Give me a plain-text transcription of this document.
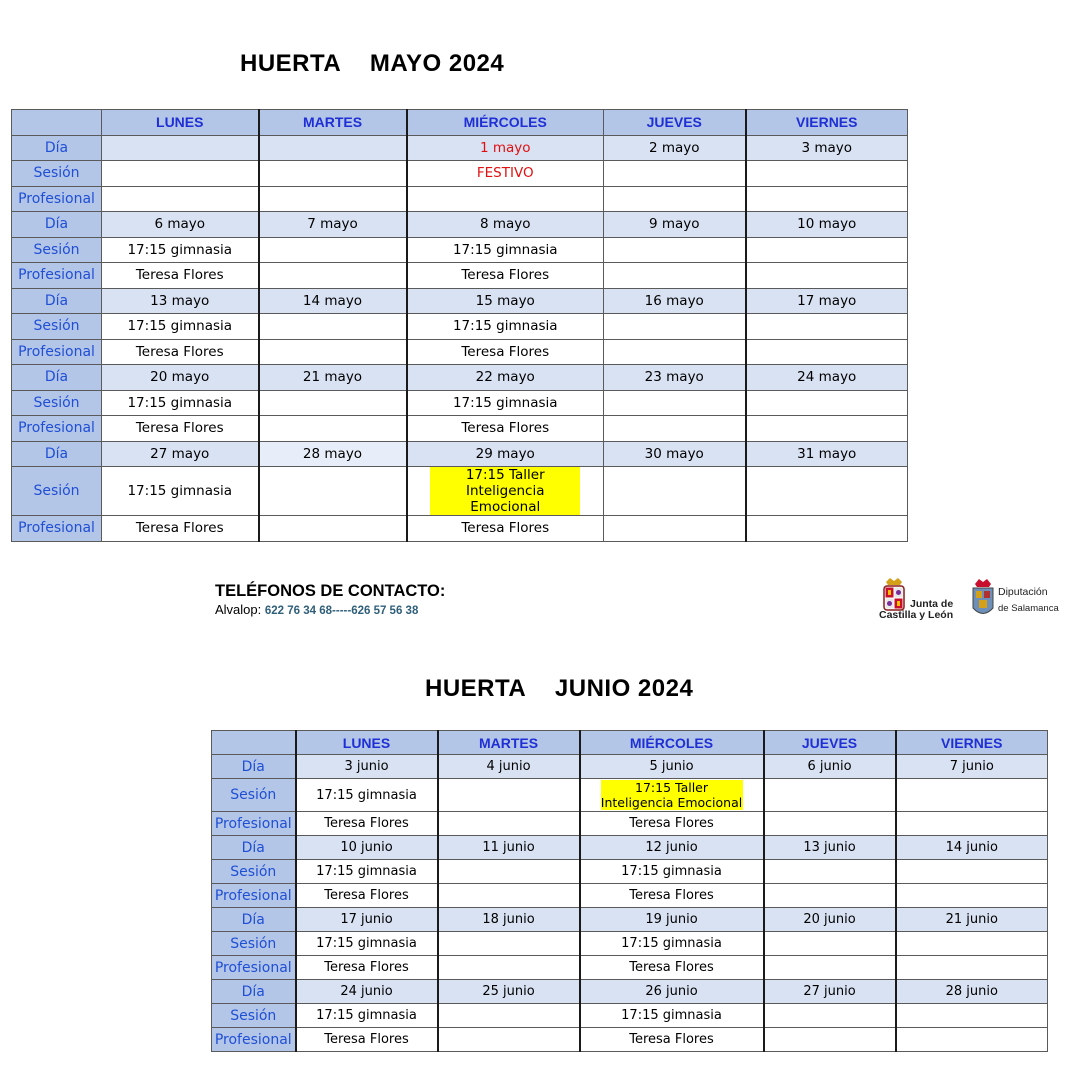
HUERTA MAYO 2024
	LUNES	MARTES	MIÉRCOLES	JUEVES	VIERNES
Día			1 mayo	2 mayo	3 mayo
Sesión			FESTIVO		
Profesional					
Día	6 mayo	7 mayo	8 mayo	9 mayo	10 mayo
Sesión	17:15 gimnasia		17:15 gimnasia		
Profesional	Teresa Flores		Teresa Flores		
Día	13 mayo	14 mayo	15 mayo	16 mayo	17 mayo
Sesión	17:15 gimnasia		17:15 gimnasia		
Profesional	Teresa Flores		Teresa Flores		
Día	20 mayo	21 mayo	22 mayo	23 mayo	24 mayo
Sesión	17:15 gimnasia		17:15 gimnasia		
Profesional	Teresa Flores		Teresa Flores		
Día	27 mayo	28 mayo	29 mayo	30 mayo	31 mayo
Sesión	17:15 gimnasia		17:15 Taller Inteligencia Emocional		
Profesional	Teresa Flores		Teresa Flores		
TELÉFONOS DE CONTACTO:
Alvalop: 622 76 34 68-----626 57 56 38
Junta de
Castilla y León
Diputación
de Salamanca
HUERTA JUNIO 2024
	LUNES	MARTES	MIÉRCOLES	JUEVES	VIERNES
Día	3 junio	4 junio	5 junio	6 junio	7 junio
Sesión	17:15 gimnasia		17:15 Taller Inteligencia Emocional		
Profesional	Teresa Flores		Teresa Flores		
Día	10 junio	11 junio	12 junio	13 junio	14 junio
Sesión	17:15 gimnasia		17:15 gimnasia		
Profesional	Teresa Flores		Teresa Flores		
Día	17 junio	18 junio	19 junio	20 junio	21 junio
Sesión	17:15 gimnasia		17:15 gimnasia		
Profesional	Teresa Flores		Teresa Flores		
Día	24 junio	25 junio	26 junio	27 junio	28 junio
Sesión	17:15 gimnasia		17:15 gimnasia		
Profesional	Teresa Flores		Teresa Flores		
